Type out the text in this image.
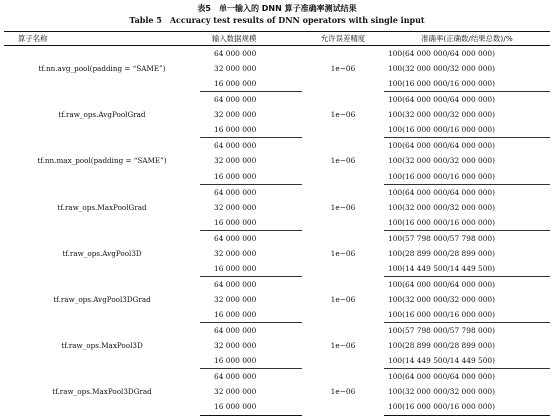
表5　单一输入的 DNN 算子准确率测试结果
Table 5　Accuracy test results of DNN operators with single input
算子名称	输入数据规模	允许误差精度	准确率(正确数/结果总数)/%
tf.nn.avg_pool(padding = “SAME”)	64 000 000	1e−06	100(64 000 000/64 000 000)
	32 000 000		100(32 000 000/32 000 000)
	16 000 000		100(16 000 000/16 000 000)
tf.raw_ops.AvgPoolGrad	64 000 000	1e−06	100(64 000 000/64 000 000)
	32 000 000		100(32 000 000/32 000 000)
	16 000 000		100(16 000 000/16 000 000)
tf.nn.max_pool(padding = “SAME”)	64 000 000	1e−06	100(64 000 000/64 000 000)
	32 000 000		100(32 000 000/32 000 000)
	16 000 000		100(16 000 000/16 000 000)
tf.raw_ops.MaxPoolGrad	64 000 000	1e−06	100(64 000 000/64 000 000)
	32 000 000		100(32 000 000/32 000 000)
	16 000 000		100(16 000 000/16 000 000)
tf.raw_ops.AvgPool3D	64 000 000	1e−06	100(57 798 000/57 798 000)
	32 000 000		100(28 899 000/28 899 000)
	16 000 000		100(14 449 500/14 449 500)
tf.raw_ops.AvgPool3DGrad	64 000 000	1e−06	100(64 000 000/64 000 000)
	32 000 000		100(32 000 000/32 000 000)
	16 000 000		100(16 000 000/16 000 000)
tf.raw_ops.MaxPool3D	64 000 000	1e−06	100(57 798 000/57 798 000)
	32 000 000		100(28 899 000/28 899 000)
	16 000 000		100(14 449 500/14 449 500)
tf.raw_ops.MaxPool3DGrad	64 000 000	1e−06	100(64 000 000/64 000 000)
	32 000 000		100(32 000 000/32 000 000)
	16 000 000		100(16 000 000/16 000 000)
